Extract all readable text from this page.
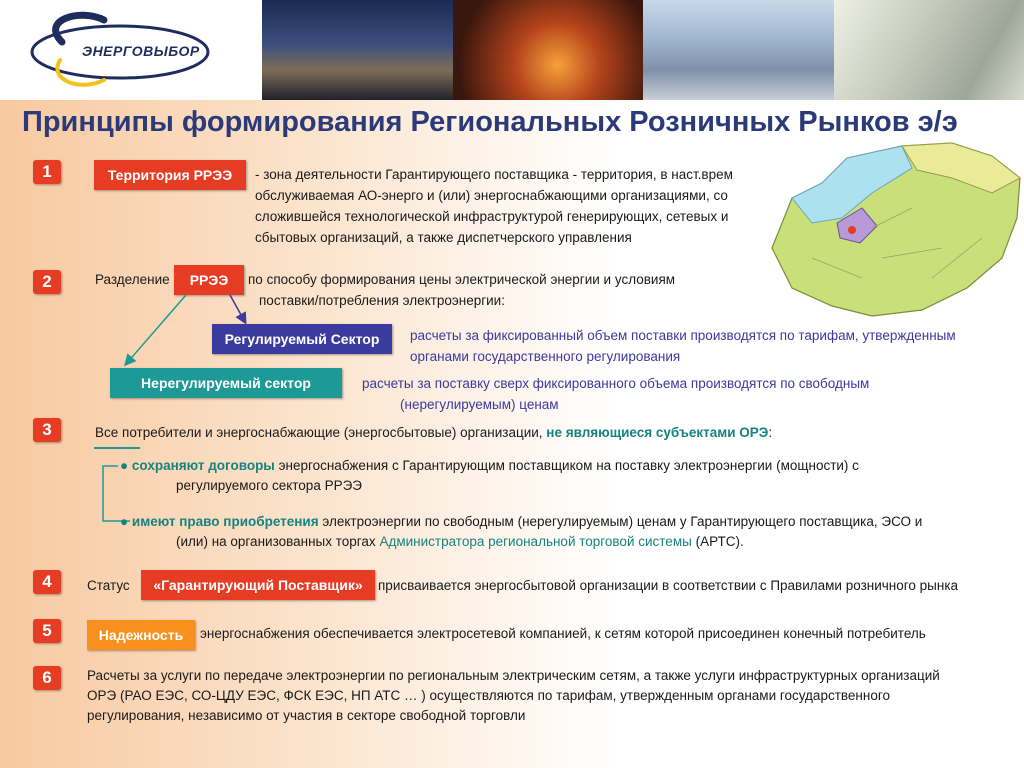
ЭНЕРГОВЫБОР
Принципы формирования Региональных Розничных Рынков э/э
1	Территория РРЭЭ	- зона деятельности Гарантирующего поставщика - территория, в наст.врем
обслуживаемая АО-энерго и (или) энергоснабжающими организациями, со
сложившейся технологической инфраструктурой генерирующих, сетевых и
сбытовых организаций, а также диспетчерского управления
2	Разделение	РРЭЭ	по способу формирования цены электрической энергии и условиям
поставки/потребления электроэнергии:
Регулируемый Сектор	расчеты за фиксированный объем поставки производятся по тарифам, утвержденным
органами государственного регулирования
Нерегулируемый сектор	расчеты за поставку сверх фиксированного объема производятся по свободным
(нерегулируемым) ценам
3	Все потребители и энергоснабжающие (энергосбытовые) организации, не являющиеся субъектами ОРЭ:
● сохраняют договоры энергоснабжения с Гарантирующим поставщиком на поставку электроэнергии (мощности) с
регулируемого сектора РРЭЭ
● имеют право приобретения электроэнергии по свободным (нерегулируемым) ценам у Гарантирующего поставщика, ЭСО и
(или) на организованных торгах Администратора региональной торговой системы (АРТС).
4	Статус	«Гарантирующий Поставщик»	присваивается энергосбытовой организации в соответствии с Правилами розничного рынка
5	Надежность	энергоснабжения обеспечивается электросетевой компанией, к сетям которой присоединен конечный потребитель
6	Расчеты за услуги по передаче электроэнергии по региональным электрическим сетям, а также услуги инфраструктурных организаций
ОРЭ (РАО ЕЭС, СО-ЦДУ ЕЭС, ФСК ЕЭС, НП АТС … ) осуществляются по тарифам, утвержденным органами государственного
регулирования, независимо от участия в секторе свободной торговли
